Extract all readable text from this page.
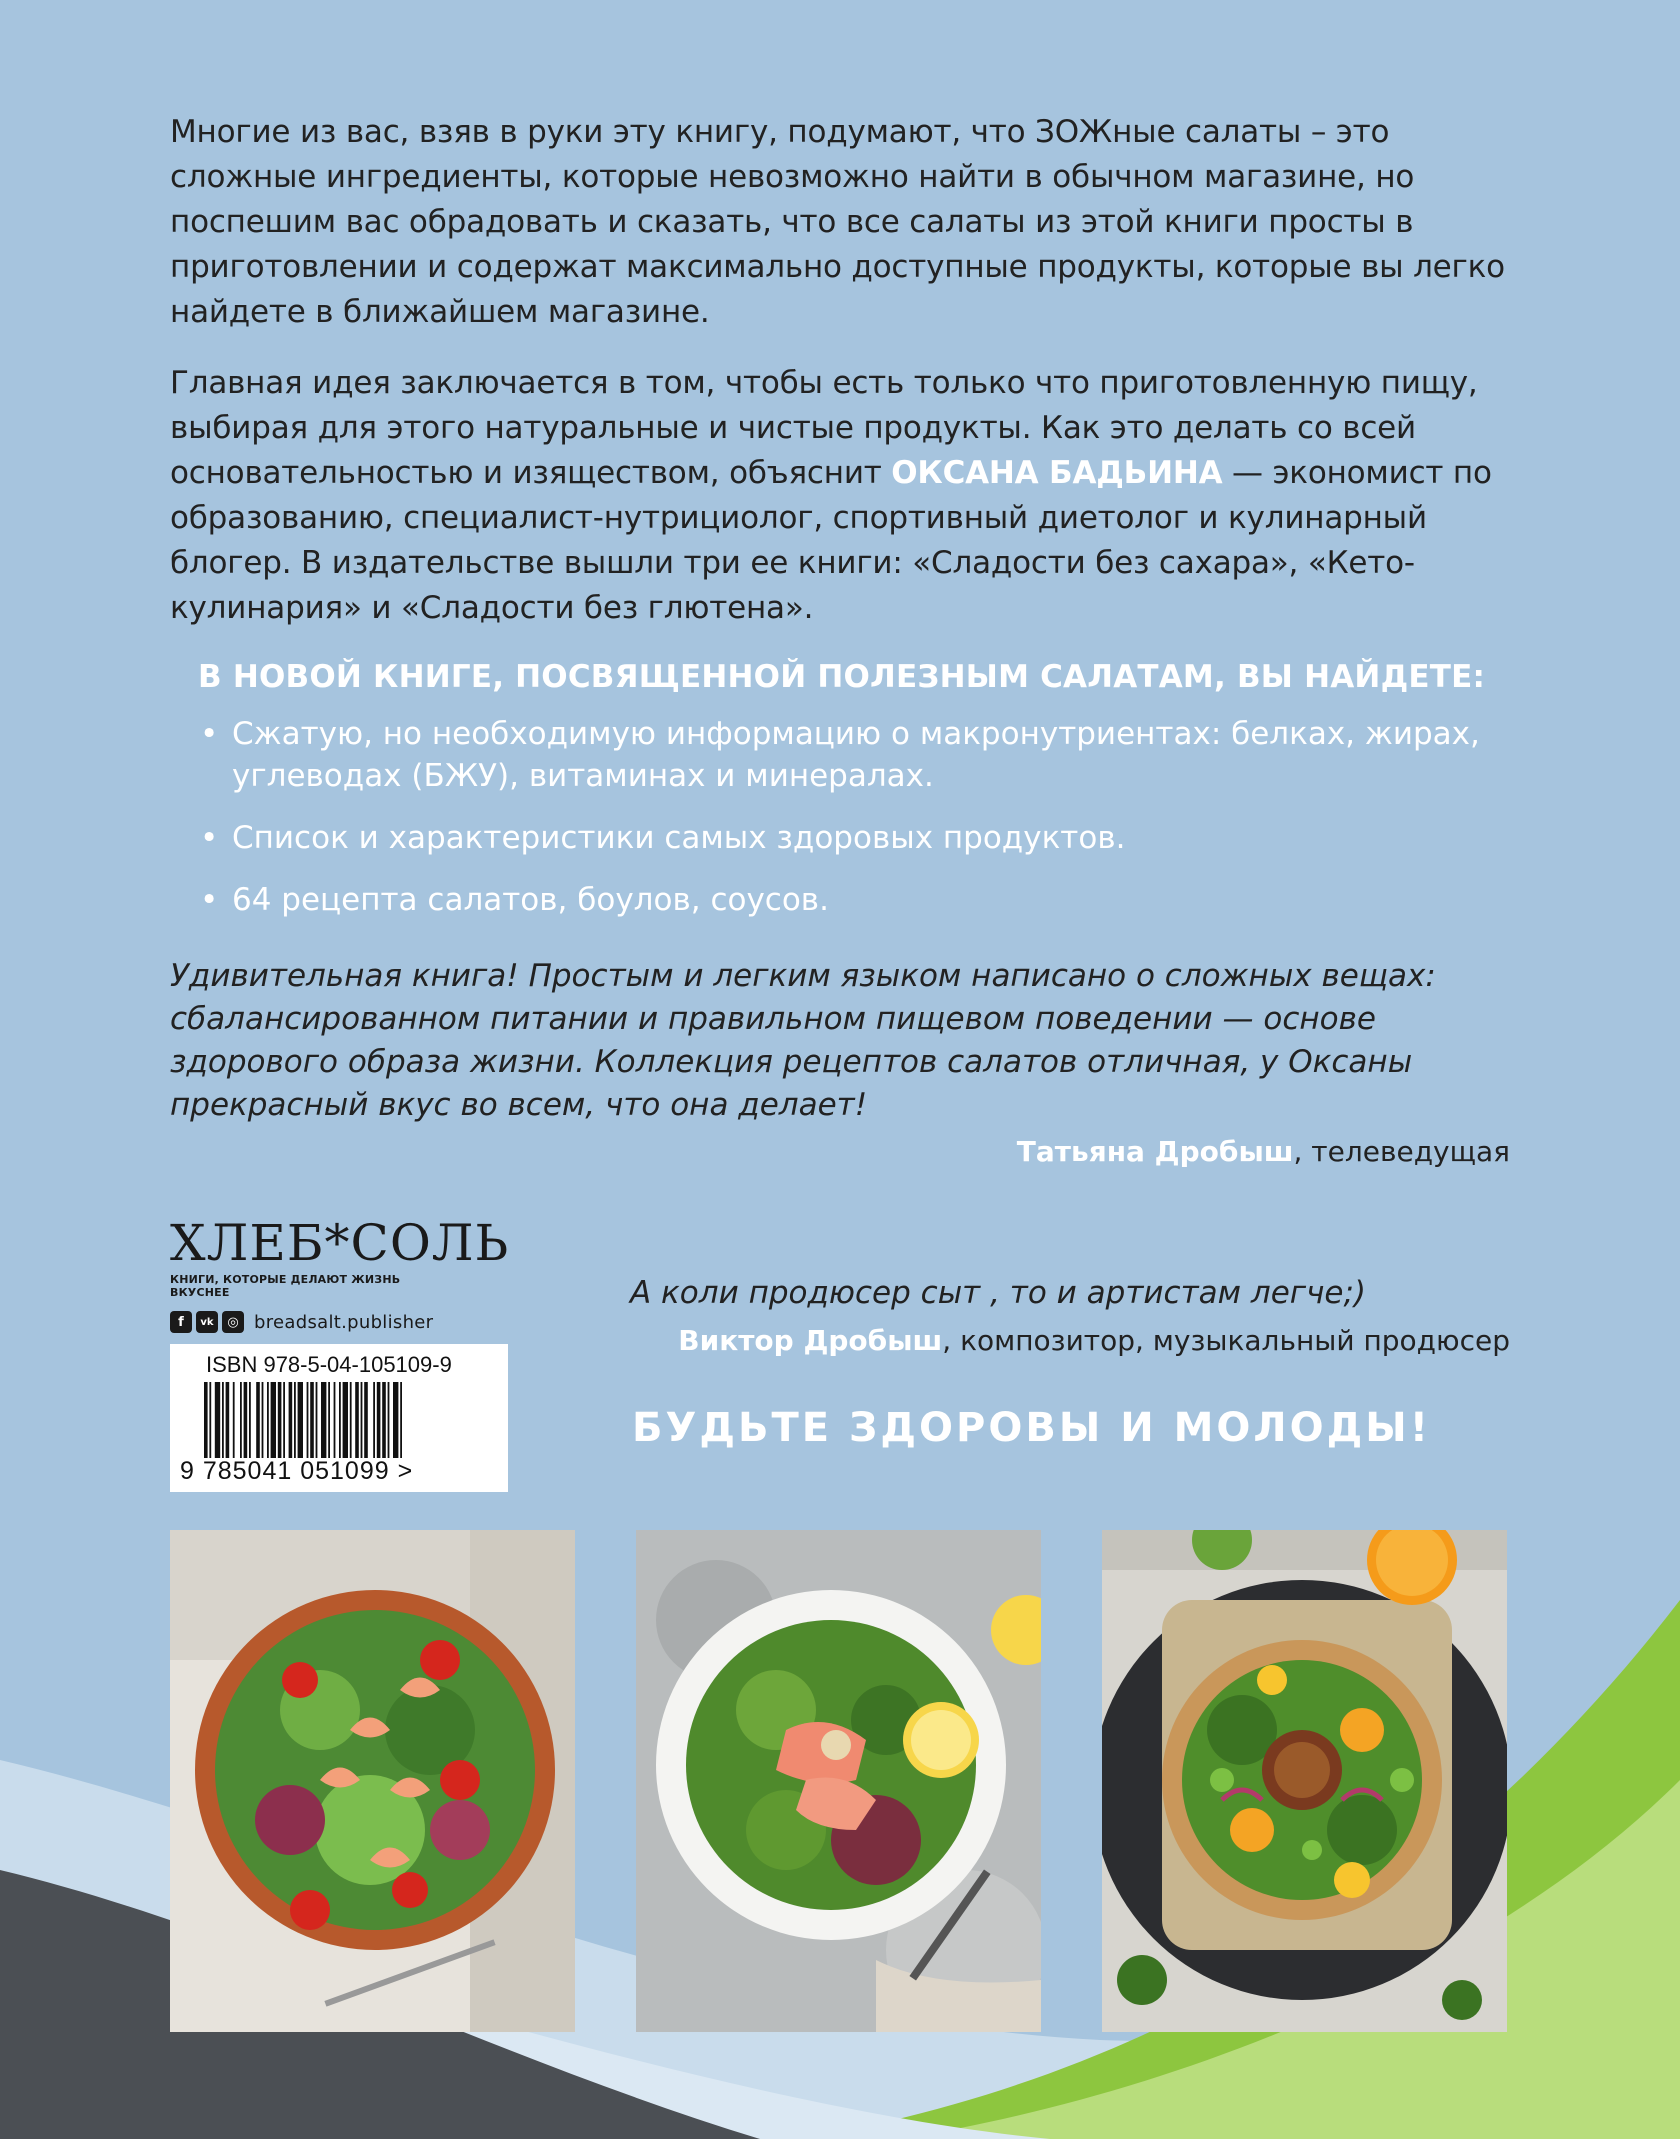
Многие из вас, взяв в руки эту книгу, подумают, что ЗОЖные салаты – это сложные ингредиенты, которые невозможно найти в обычном магазине, но поспешим вас обрадовать и сказать, что все салаты из этой книги просты в приготовлении и содержат максимально доступные продукты, которые вы легко найдете в ближайшем магазине.

Главная идея заключается в том, чтобы есть только что приготовленную пищу, выбирая для этого натуральные и чистые продукты. Как это делать со всей основательностью и изяществом, объяснит ОКСАНА БАДЬИНА — экономист по образованию, специалист-нутрициолог, спортивный диетолог и кулинарный блогер. В издательстве вышли три ее книги: «Сладости без сахара», «Кето-кулинария» и «Сладости без глютена».

В НОВОЙ КНИГЕ, ПОСВЯЩЕННОЙ ПОЛЕЗНЫМ САЛАТАМ, ВЫ НАЙДЕТЕ:
• Сжатую, но необходимую информацию о макронутриентах: белках, жирах, углеводах (БЖУ), витаминах и минералах.
• Список и характеристики самых здоровых продуктов.
• 64 рецепта салатов, боулов, соусов.
Удивительная книга! Простым и легким языком написано о сложных вещах: сбалансированном питании и правильном пищевом поведении — основе здорового образа жизни. Коллекция рецептов салатов отличная, у Оксаны прекрасный вкус во всем, что она делает!
Татьяна Дробыш, телеведущая
ХЛЕБ*СОЛЬ
КНИГИ, КОТОРЫЕ ДЕЛАЮТ ЖИЗНЬ ВКУСНЕЕ
f	vk	◎ breadsalt.publisher
ISBN 978-5-04-105109-9
9 785041 051099 >
А коли продюсер сыт , то и артистам легче;)
Виктор Дробыш, композитор, музыкальный продюсер
БУДЬТЕ ЗДОРОВЫ И МОЛОДЫ!
